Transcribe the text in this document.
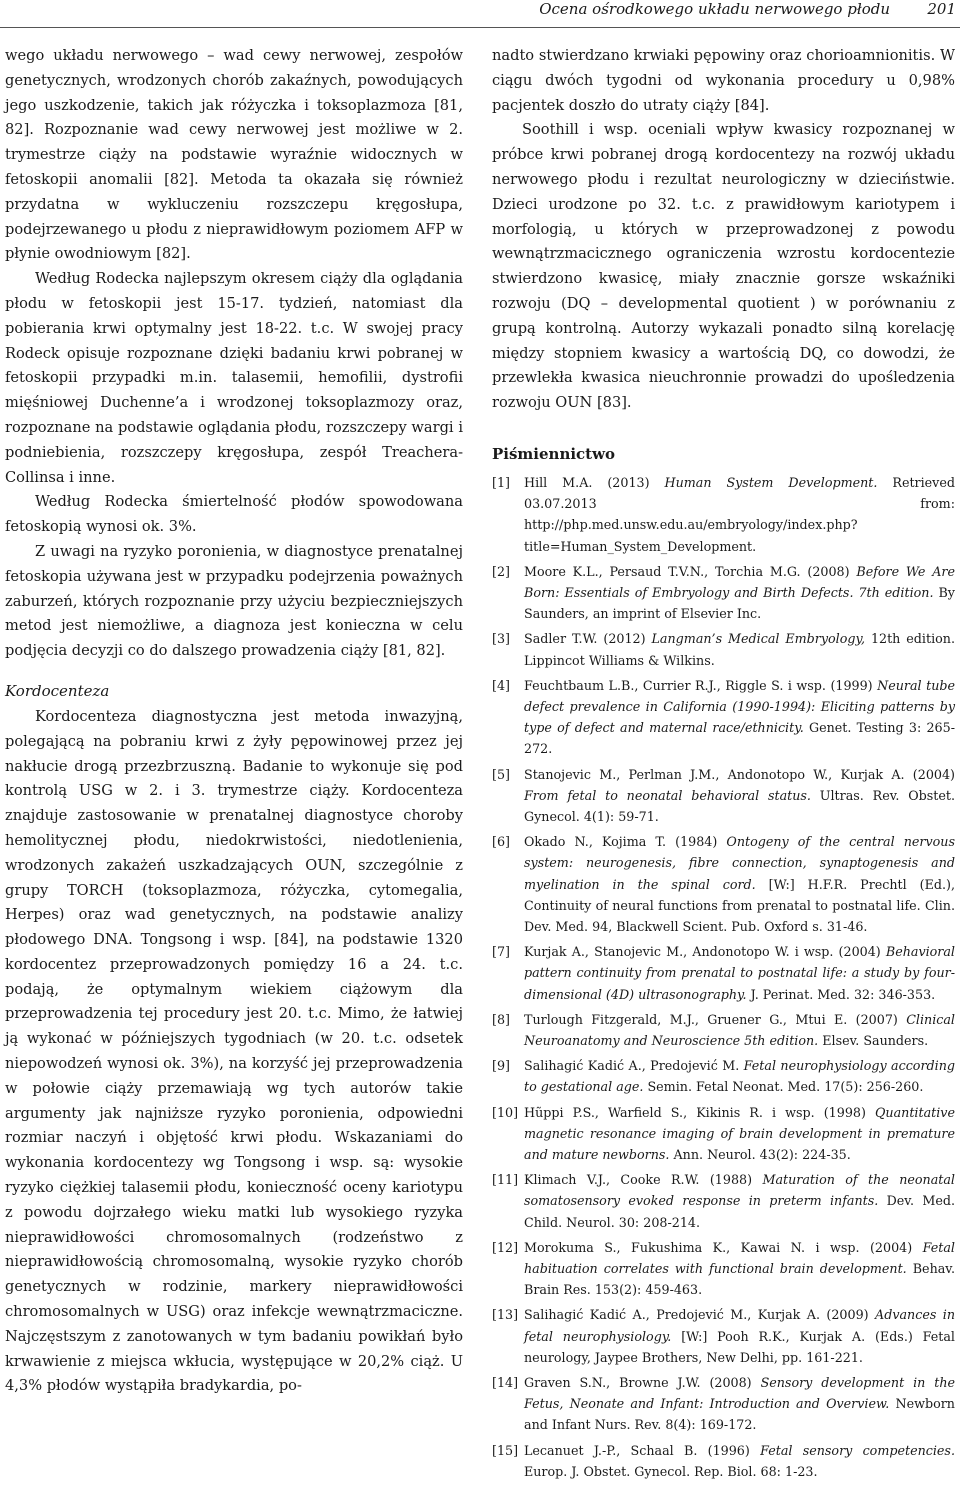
Ocena ośrodkowego układu nerwowego płodu 201

wego układu nerwowego – wad cewy nerwowej, zespołów genetycznych, wrodzonych chorób zakaźnych, powodujących jego uszkodzenie, takich jak różyczka i toksoplazmoza [81, 82]. Rozpoznanie wad cewy nerwowej jest możliwe w 2. trymestrze ciąży na podstawie wyraźnie widocznych w fetoskopii anomalii [82]. Metoda ta okazała się również przydatna w wykluczeniu rozszczepu kręgosłupa, podejrzewanego u płodu z nieprawidłowym poziomem AFP w płynie owodniowym [82].

Według Rodecka najlepszym okresem ciąży dla oglądania płodu w fetoskopii jest 15-17. tydzień, natomiast dla pobierania krwi optymalny jest 18-22. t.c. W swojej pracy Rodeck opisuje rozpoznane dzięki badaniu krwi pobranej w fetoskopii przypadki m.in. talasemii, hemofilii, dystrofii mięśniowej Duchenne’a i wrodzonej toksoplazmozy oraz, rozpoznane na podstawie oglądania płodu, rozszczepy wargi i podniebienia, rozszczepy kręgosłupa, zespół Treachera-Collinsa i inne.

Według Rodecka śmiertelność płodów spowodowana fetoskopią wynosi ok. 3%.

Z uwagi na ryzyko poronienia, w diagnostyce prenatalnej fetoskopia używana jest w przypadku podejrzenia poważnych zaburzeń, których rozpoznanie przy użyciu bezpieczniejszych metod jest niemożliwe, a diagnoza jest konieczna w celu podjęcia decyzji co do dalszego prowadzenia ciąży [81, 82].

Kordocenteza

Kordocenteza diagnostyczna jest metoda inwazyjną, polegającą na pobraniu krwi z żyły pępowinowej przez jej nakłucie drogą przezbrzuszną. Badanie to wykonuje się pod kontrolą USG w 2. i 3. trymestrze ciąży. Kordocenteza znajduje zastosowanie w prenatalnej diagnostyce choroby hemolitycznej płodu, niedokrwistości, niedotlenienia, wrodzonych zakażeń uszkadzających OUN, szczególnie z grupy TORCH (toksoplazmoza, różyczka, cytomegalia, Herpes) oraz wad genetycznych, na podstawie analizy płodowego DNA. Tongsong i wsp. [84], na podstawie 1320 kordocentez przeprowadzonych pomiędzy 16 a 24. t.c. podają, że optymalnym wiekiem ciążowym dla przeprowadzenia tej procedury jest 20. t.c. Mimo, że łatwiej ją wykonać w późniejszych tygodniach (w 20. t.c. odsetek niepowodzeń wynosi ok. 3%), na korzyść jej przeprowadzenia w połowie ciąży przemawiają wg tych autorów takie argumenty jak najniższe ryzyko poronienia, odpowiedni rozmiar naczyń i objętość krwi płodu. Wskazaniami do wykonania kordocentezy wg Tongsong i wsp. są: wysokie ryzyko ciężkiej talasemii płodu, konieczność oceny kariotypu z powodu dojrzałego wieku matki lub wysokiego ryzyka nieprawidłowości chromosomalnych (rodzeństwo z nieprawidłowością chromosomalną, wysokie ryzyko chorób genetycznych w rodzinie, markery nieprawidłowości chromosomalnych w USG) oraz infekcje wewnątrzmaciczne. Najczęstszym z zanotowanych w tym badaniu powikłań było krwawienie z miejsca wkłucia, występujące w 20,2% ciąż. U 4,3% płodów wystąpiła bradykardia, po-

nadto stwierdzano krwiaki pępowiny oraz chorioamnionitis. W ciągu dwóch tygodni od wykonania procedury u 0,98% pacjentek doszło do utraty ciąży [84].

Soothill i wsp. oceniali wpływ kwasicy rozpoznanej w próbce krwi pobranej drogą kordocentezy na rozwój układu nerwowego płodu i rezultat neurologiczny w dzieciństwie. Dzieci urodzone po 32. t.c. z prawidłowym kariotypem i morfologią, u których w przeprowadzonej z powodu wewnątrzmacicznego ograniczenia wzrostu kordocentezie stwierdzono kwasicę, miały znacznie gorsze wskaźniki rozwoju (DQ – developmental quotient ) w porównaniu z grupą kontrolną. Autorzy wykazali ponadto silną korelację między stopniem kwasicy a wartością DQ, co dowodzi, że przewlekła kwasica nieuchronnie prowadzi do upośledzenia rozwoju OUN [83].

Piśmiennictwo
[1] Hill M.A. (2013) Human System Development. Retrieved 03.07.2013 from: http://php.med.unsw.edu.au/embryology/index.php?title=Human_System_Development.
[2] Moore K.L., Persaud T.V.N., Torchia M.G. (2008) Before We Are Born: Essentials of Embryology and Birth Defects. 7th edition. By Saunders, an imprint of Elsevier Inc.
[3] Sadler T.W. (2012) Langman’s Medical Embryology, 12th edition. Lippincot Williams & Wilkins.
[4] Feuchtbaum L.B., Currier R.J., Riggle S. i wsp. (1999) Neural tube defect prevalence in California (1990-1994): Eliciting patterns by type of defect and maternal race/ethnicity. Genet. Testing 3: 265-272.
[5] Stanojevic M., Perlman J.M., Andonotopo W., Kurjak A. (2004) From fetal to neonatal behavioral status. Ultras. Rev. Obstet. Gynecol. 4(1): 59-71.
[6] Okado N., Kojima T. (1984) Ontogeny of the central nervous system: neurogenesis, fibre connection, synaptogenesis and myelination in the spinal cord. [W:] H.F.R. Prechtl (Ed.), Continuity of neural functions from prenatal to postnatal life. Clin. Dev. Med. 94, Blackwell Scient. Pub. Oxford s. 31-46.
[7] Kurjak A., Stanojevic M., Andonotopo W. i wsp. (2004) Behavioral pattern continuity from prenatal to postnatal life: a study by four-dimensional (4D) ultrasonography. J. Perinat. Med. 32: 346-353.
[8] Turlough Fitzgerald, M.J., Gruener G., Mtui E. (2007) Clinical Neuroanatomy and Neuroscience 5th edition. Elsev. Saunders.
[9] Salihagić Kadić A., Predojević M. Fetal neurophysiology according to gestational age. Semin. Fetal Neonat. Med. 17(5): 256-260.
[10] Hũppi P.S., Warfield S., Kikinis R. i wsp. (1998) Quantitative magnetic resonance imaging of brain development in premature and mature newborns. Ann. Neurol. 43(2): 224-35.
[11] Klimach V.J., Cooke R.W. (1988) Maturation of the neonatal somatosensory evoked response in preterm infants. Dev. Med. Child. Neurol. 30: 208-214.
[12] Morokuma S., Fukushima K., Kawai N. i wsp. (2004) Fetal habituation correlates with functional brain development. Behav. Brain Res. 153(2): 459-463.
[13] Salihagić Kadić A., Predojević M., Kurjak A. (2009) Advances in fetal neurophysiology. [W:] Pooh R.K., Kurjak A. (Eds.) Fetal neurology, Jaypee Brothers, New Delhi, pp. 161-221.
[14] Graven S.N., Browne J.W. (2008) Sensory development in the Fetus, Neonate and Infant: Introduction and Overview. Newborn and Infant Nurs. Rev. 8(4): 169-172.
[15] Lecanuet J.-P., Schaal B. (1996) Fetal sensory competencies. Europ. J. Obstet. Gynecol. Rep. Biol. 68: 1-23.
